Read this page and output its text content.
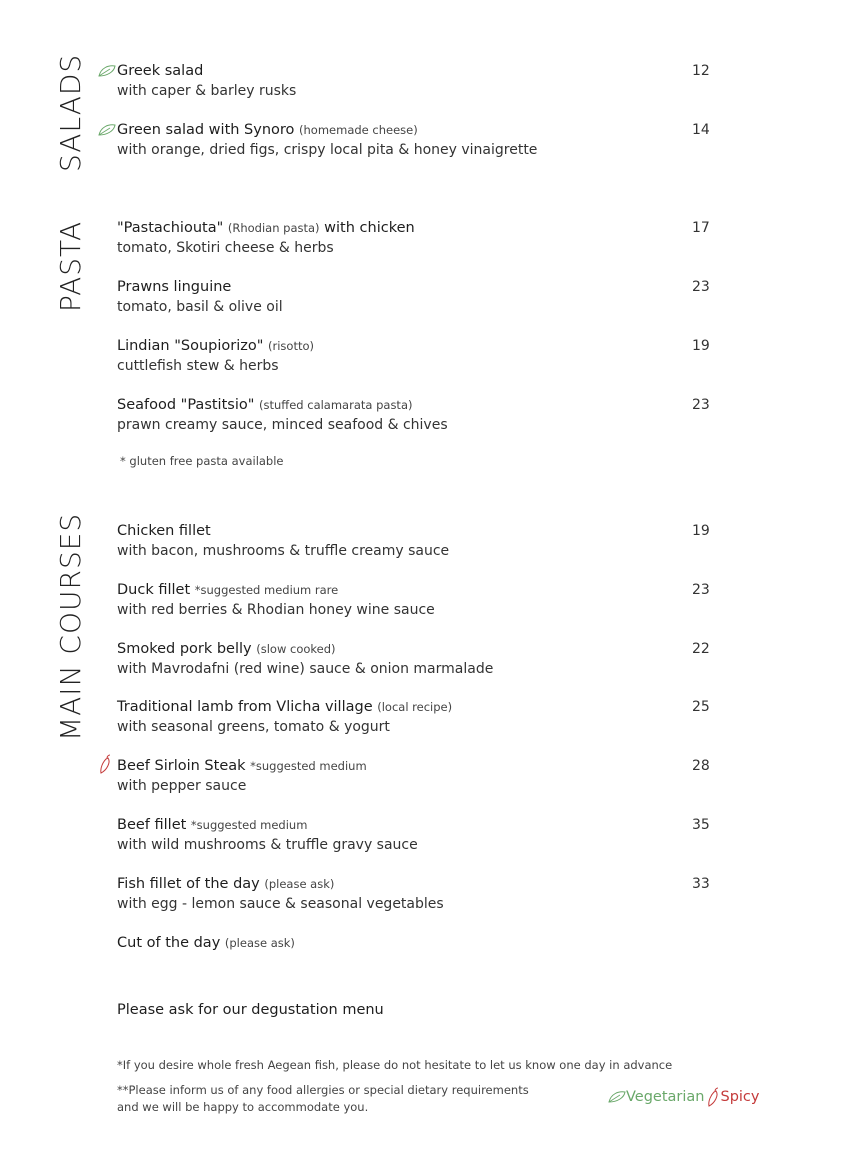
SALADS
PASTA
MAIN COURSES
Greek salad
with caper & barley rusks
12
Green salad with Synoro (homemade cheese)
with orange, dried figs, crispy local pita & honey vinaigrette
14
"Pastachiouta" (Rhodian pasta) with chicken
tomato, Skotiri cheese & herbs
17
Prawns linguine
tomato, basil & olive oil
23
Lindian "Soupiorizo" (risotto)
cuttlefish stew & herbs
19
Seafood "Pastitsio" (stuffed calamarata pasta)
prawn creamy sauce, minced seafood & chives
23
* gluten free pasta available
Chicken fillet
with bacon, mushrooms & truffle creamy sauce
19
Duck fillet *suggested medium rare
with red berries & Rhodian honey wine sauce
23
Smoked pork belly (slow cooked)
with Mavrodafni (red wine) sauce & onion marmalade
22
Traditional lamb from Vlicha village (local recipe)
with seasonal greens, tomato & yogurt
25
Beef Sirloin Steak *suggested medium
with pepper sauce
28
Beef fillet *suggested medium
with wild mushrooms & truffle gravy sauce
35
Fish fillet of the day (please ask)
with egg - lemon sauce & seasonal vegetables
33
Cut of the day (please ask)
Please ask for our degustation menu
*If you desire whole fresh Aegean fish, please do not hesitate to let us know one day in advance
**Please inform us of any food allergies or special dietary requirements
and we will be happy to accommodate you.
Vegetarian Spicy
